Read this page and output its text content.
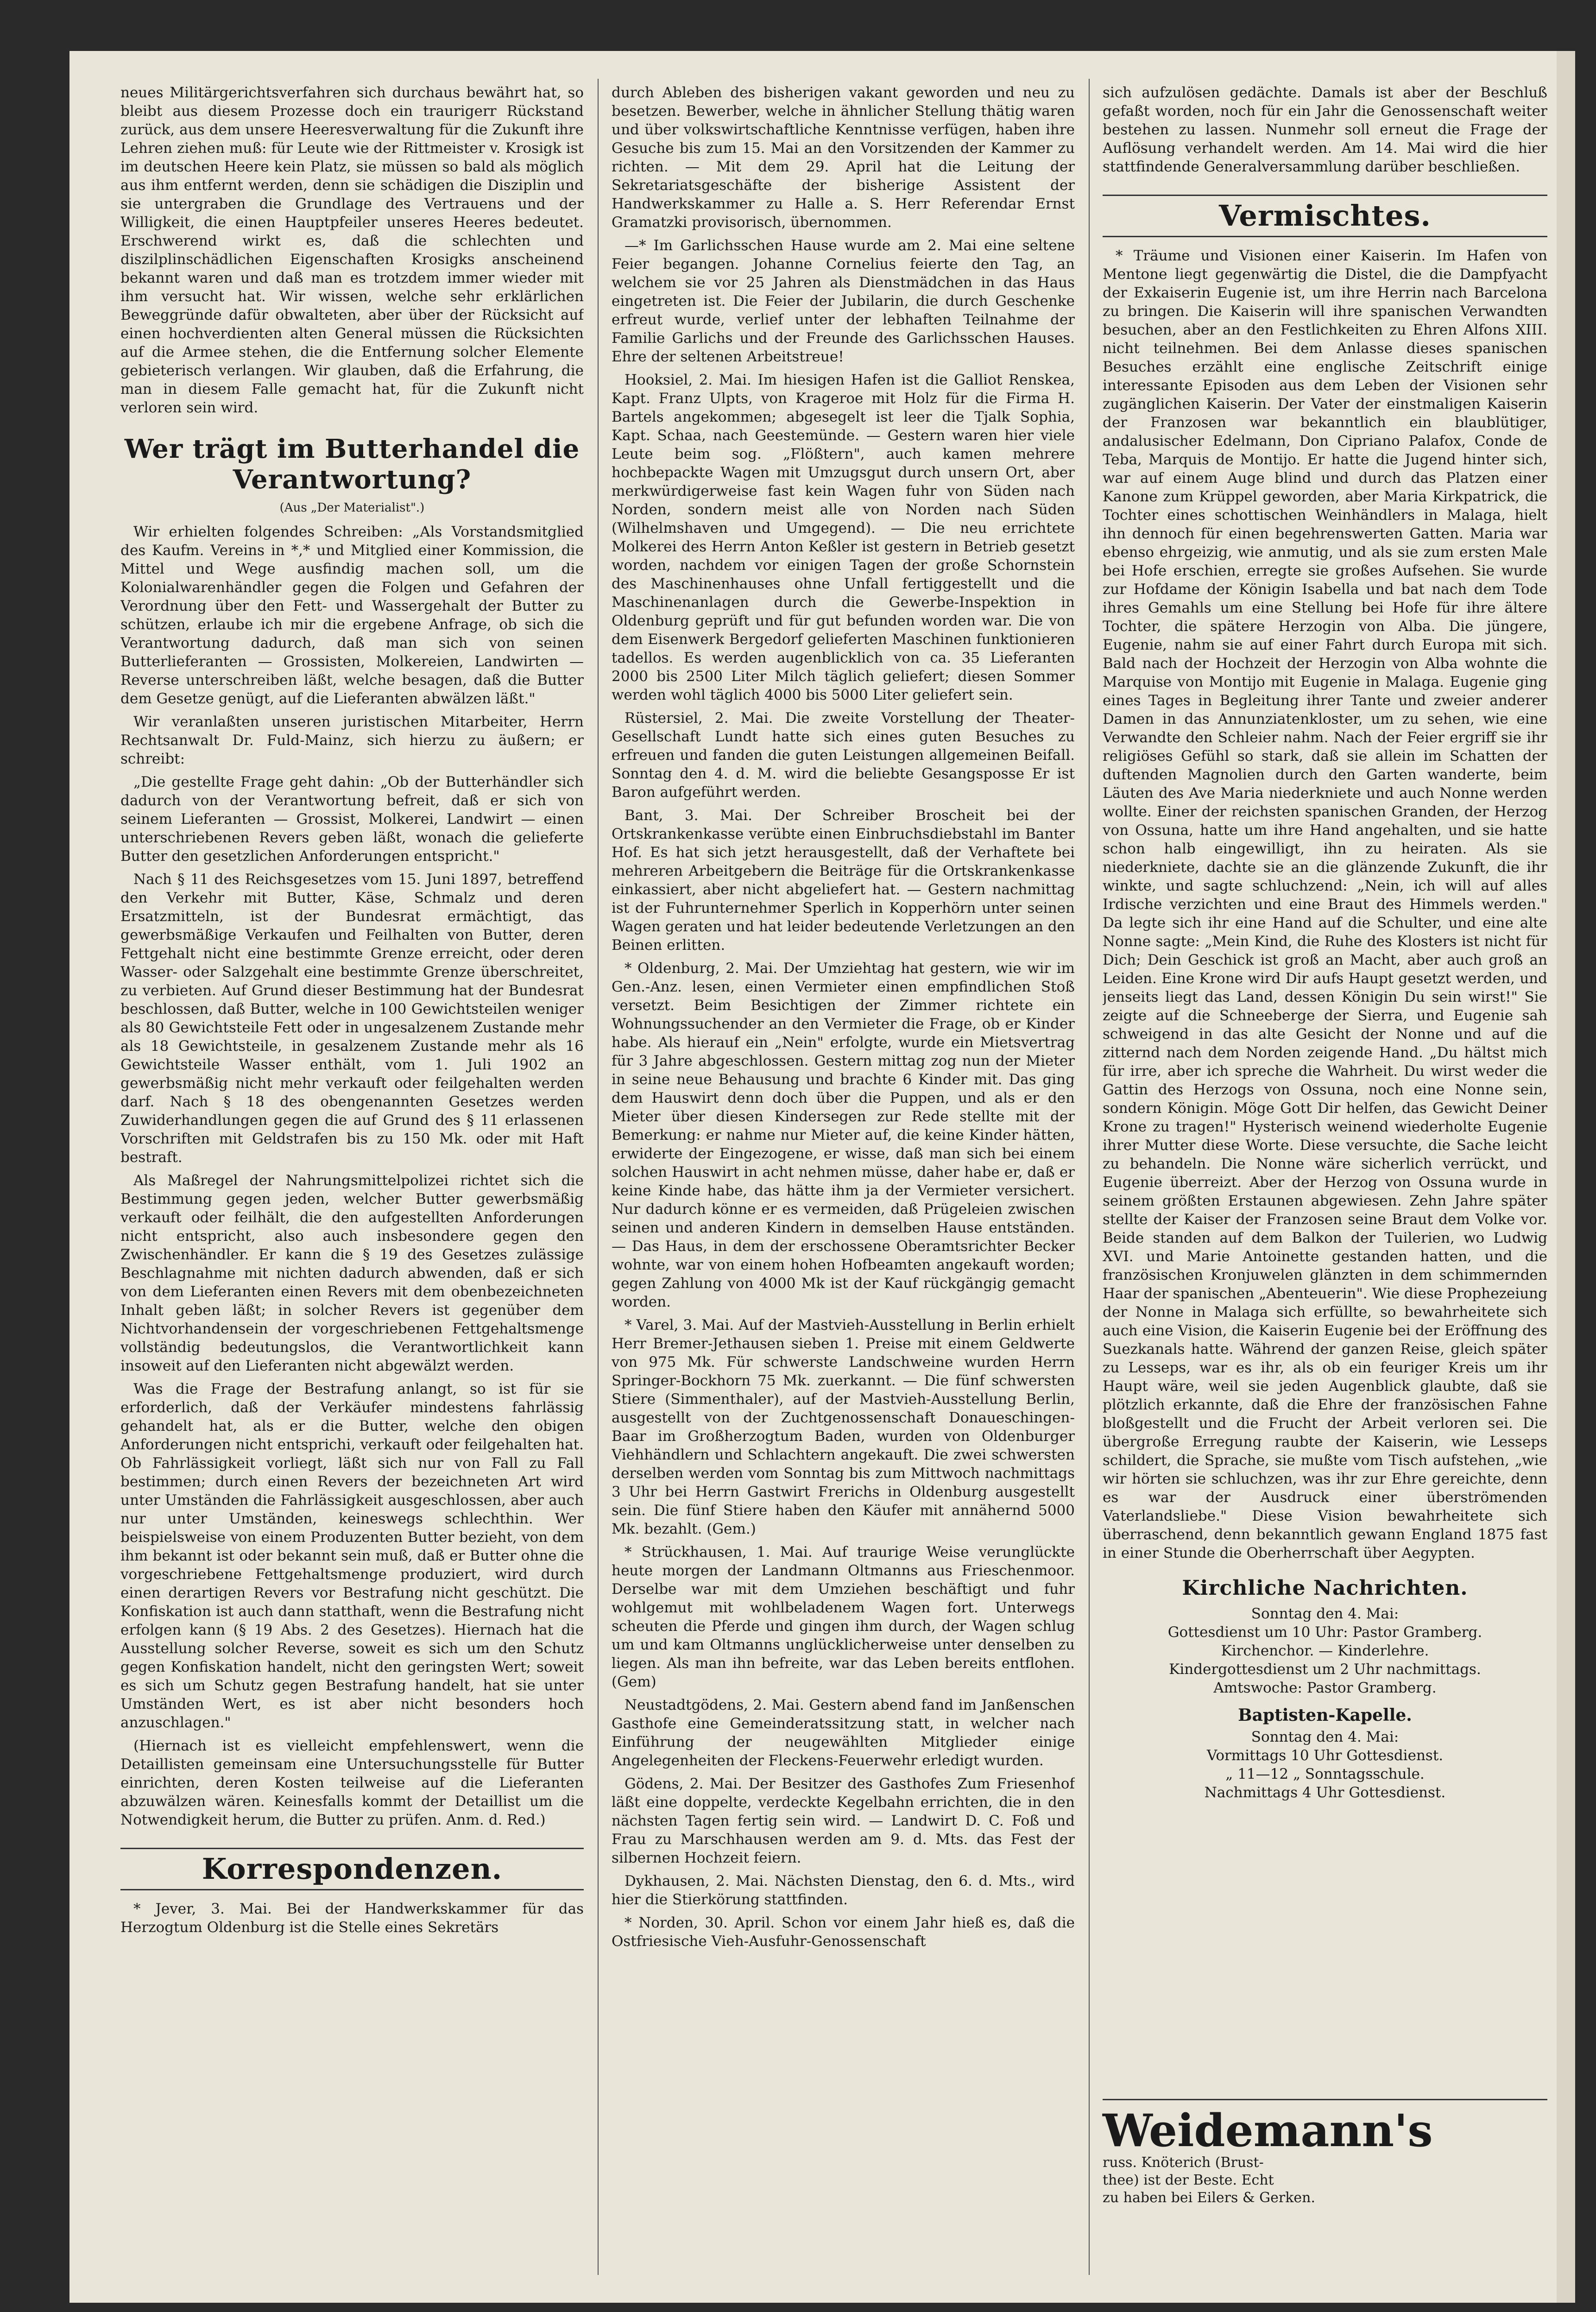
neues Militärgerichtsverfahren sich durchaus bewährt hat, so bleibt aus diesem Prozesse doch ein traurigerr Rückstand zurück, aus dem unsere Heeresverwaltung für die Zukunft ihre Lehren ziehen muß: für Leute wie der Rittmeister v. Krosigk ist im deutschen Heere kein Platz, sie müssen so bald als möglich aus ihm entfernt werden, denn sie schädigen die Disziplin und sie untergraben die Grundlage des Vertrauens und der Willigkeit, die einen Hauptpfeiler unseres Heeres bedeutet. Erschwerend wirkt es, daß die schlechten und diszilplinschädlichen Eigenschaften Krosigks anscheinend bekannt waren und daß man es trotzdem immer wieder mit ihm versucht hat. Wir wissen, welche sehr erklärlichen Beweggründe dafür obwalteten, aber über der Rücksicht auf einen hochverdienten alten General müssen die Rücksichten auf die Armee stehen, die die Entfernung solcher Elemente gebieterisch verlangen. Wir glauben, daß die Erfahrung, die man in diesem Falle gemacht hat, für die Zukunft nicht verloren sein wird.

Wer trägt im Butterhandel die Verantwortung?

(Aus „Der Materialist".)

Wir erhielten folgendes Schreiben: „Als Vorstandsmitglied des Kaufm. Vereins in *,* und Mitglied einer Kommission, die Mittel und Wege ausfindig machen soll, um die Kolonialwarenhändler gegen die Folgen und Gefahren der Verordnung über den Fett- und Wassergehalt der Butter zu schützen, erlaube ich mir die ergebene Anfrage, ob sich die Verantwortung dadurch, daß man sich von seinen Butterlieferanten — Grossisten, Molkereien, Landwirten — Reverse unterschreiben läßt, welche besagen, daß die Butter dem Gesetze genügt, auf die Lieferanten abwälzen läßt."

Wir veranlaßten unseren juristischen Mitarbeiter, Herrn Rechtsanwalt Dr. Fuld-Mainz, sich hierzu zu äußern; er schreibt:

„Die gestellte Frage geht dahin: „Ob der Butterhändler sich dadurch von der Verantwortung befreit, daß er sich von seinem Lieferanten — Grossist, Molkerei, Landwirt — einen unterschriebenen Revers geben läßt, wonach die gelieferte Butter den gesetzlichen Anforderungen entspricht."

Nach § 11 des Reichsgesetzes vom 15. Juni 1897, betreffend den Verkehr mit Butter, Käse, Schmalz und deren Ersatzmitteln, ist der Bundesrat ermächtigt, das gewerbsmäßige Verkaufen und Feilhalten von Butter, deren Fettgehalt nicht eine bestimmte Grenze erreicht, oder deren Wasser- oder Salzgehalt eine bestimmte Grenze überschreitet, zu verbieten. Auf Grund dieser Bestimmung hat der Bundesrat beschlossen, daß Butter, welche in 100 Gewichtsteilen weniger als 80 Gewichtsteile Fett oder in ungesalzenem Zustande mehr als 18 Gewichtsteile, in gesalzenem Zustande mehr als 16 Gewichtsteile Wasser enthält, vom 1. Juli 1902 an gewerbsmäßig nicht mehr verkauft oder feilgehalten werden darf. Nach § 18 des obengenannten Gesetzes werden Zuwiderhandlungen gegen die auf Grund des § 11 erlassenen Vorschriften mit Geldstrafen bis zu 150 Mk. oder mit Haft bestraft.

Als Maßregel der Nahrungsmittelpolizei richtet sich die Bestimmung gegen jeden, welcher Butter gewerbsmäßig verkauft oder feilhält, die den aufgestellten Anforderungen nicht entspricht, also auch insbesondere gegen den Zwischenhändler. Er kann die § 19 des Gesetzes zulässige Beschlagnahme mit nichten dadurch abwenden, daß er sich von dem Lieferanten einen Revers mit dem obenbezeichneten Inhalt geben läßt; in solcher Revers ist gegenüber dem Nichtvorhandensein der vorgeschriebenen Fettgehaltsmenge vollständig bedeutungslos, die Verantwortlichkeit kann insoweit auf den Lieferanten nicht abgewälzt werden.

Was die Frage der Bestrafung anlangt, so ist für sie erforderlich, daß der Verkäufer mindestens fahrlässig gehandelt hat, als er die Butter, welche den obigen Anforderungen nicht entsprichi, verkauft oder feilgehalten hat. Ob Fahrlässigkeit vorliegt, läßt sich nur von Fall zu Fall bestimmen; durch einen Revers der bezeichneten Art wird unter Umständen die Fahrlässigkeit ausgeschlossen, aber auch nur unter Umständen, keineswegs schlechthin. Wer beispielsweise von einem Produzenten Butter bezieht, von dem ihm bekannt ist oder bekannt sein muß, daß er Butter ohne die vorgeschriebene Fettgehaltsmenge produziert, wird durch einen derartigen Revers vor Bestrafung nicht geschützt. Die Konfiskation ist auch dann statthaft, wenn die Bestrafung nicht erfolgen kann (§ 19 Abs. 2 des Gesetzes). Hiernach hat die Ausstellung solcher Reverse, soweit es sich um den Schutz gegen Konfiskation handelt, nicht den geringsten Wert; soweit es sich um Schutz gegen Bestrafung handelt, hat sie unter Umständen Wert, es ist aber nicht besonders hoch anzuschlagen."

(Hiernach ist es vielleicht empfehlenswert, wenn die Detaillisten gemeinsam eine Untersuchungsstelle für Butter einrichten, deren Kosten teilweise auf die Lieferanten abzuwälzen wären. Keinesfalls kommt der Detaillist um die Notwendigkeit herum, die Butter zu prüfen. Anm. d. Red.)

Korrespondenzen.

* Jever, 3. Mai. Bei der Handwerkskammer für das Herzogtum Oldenburg ist die Stelle eines Sekretärs

durch Ableben des bisherigen vakant geworden und neu zu besetzen. Bewerber, welche in ähnlicher Stellung thätig waren und über volkswirtschaftliche Kenntnisse verfügen, haben ihre Gesuche bis zum 15. Mai an den Vorsitzenden der Kammer zu richten. — Mit dem 29. April hat die Leitung der Sekretariatsgeschäfte der bisherige Assistent der Handwerkskammer zu Halle a. S. Herr Referendar Ernst Gramatzki provisorisch, übernommen.

—* Im Garlichsschen Hause wurde am 2. Mai eine seltene Feier begangen. Johanne Cornelius feierte den Tag, an welchem sie vor 25 Jahren als Dienstmädchen in das Haus eingetreten ist. Die Feier der Jubilarin, die durch Geschenke erfreut wurde, verlief unter der lebhaften Teilnahme der Familie Garlichs und der Freunde des Garlichsschen Hauses. Ehre der seltenen Arbeitstreue!

Hooksiel, 2. Mai. Im hiesigen Hafen ist die Galliot Renskea, Kapt. Franz Ulpts, von Krageroe mit Holz für die Firma H. Bartels angekommen; abgesegelt ist leer die Tjalk Sophia, Kapt. Schaa, nach Geestemünde. — Gestern waren hier viele Leute beim sog. „Flößtern", auch kamen mehrere hochbepackte Wagen mit Umzugsgut durch unsern Ort, aber merkwürdigerweise fast kein Wagen fuhr von Süden nach Norden, sondern meist alle von Norden nach Süden (Wilhelmshaven und Umgegend). — Die neu errichtete Molkerei des Herrn Anton Keßler ist gestern in Betrieb gesetzt worden, nachdem vor einigen Tagen der große Schornstein des Maschinenhauses ohne Unfall fertiggestellt und die Maschinenanlagen durch die Gewerbe-Inspektion in Oldenburg geprüft und für gut befunden worden war. Die von dem Eisenwerk Bergedorf gelieferten Maschinen funktionieren tadellos. Es werden augenblicklich von ca. 35 Lieferanten 2000 bis 2500 Liter Milch täglich geliefert; diesen Sommer werden wohl täglich 4000 bis 5000 Liter geliefert sein.

Rüstersiel, 2. Mai. Die zweite Vorstellung der Theater-Gesellschaft Lundt hatte sich eines guten Besuches zu erfreuen und fanden die guten Leistungen allgemeinen Beifall. Sonntag den 4. d. M. wird die beliebte Gesangsposse Er ist Baron aufgeführt werden.

Bant, 3. Mai. Der Schreiber Broscheit bei der Ortskrankenkasse verübte einen Einbruchsdiebstahl im Banter Hof. Es hat sich jetzt herausgestellt, daß der Verhaftete bei mehreren Arbeitgebern die Beiträge für die Ortskrankenkasse einkassiert, aber nicht abgeliefert hat. — Gestern nachmittag ist der Fuhrunternehmer Sperlich in Kopperhörn unter seinen Wagen geraten und hat leider bedeutende Verletzungen an den Beinen erlitten.

* Oldenburg, 2. Mai. Der Umziehtag hat gestern, wie wir im Gen.-Anz. lesen, einen Vermieter einen empfindlichen Stoß versetzt. Beim Besichtigen der Zimmer richtete ein Wohnungssuchender an den Vermieter die Frage, ob er Kinder habe. Als hierauf ein „Nein" erfolgte, wurde ein Mietsvertrag für 3 Jahre abgeschlossen. Gestern mittag zog nun der Mieter in seine neue Behausung und brachte 6 Kinder mit. Das ging dem Hauswirt denn doch über die Puppen, und als er den Mieter über diesen Kindersegen zur Rede stellte mit der Bemerkung: er nahme nur Mieter auf, die keine Kinder hätten, erwiderte der Eingezogene, er wisse, daß man sich bei einem solchen Hauswirt in acht nehmen müsse, daher habe er, daß er keine Kinde habe, das hätte ihm ja der Vermieter versichert. Nur dadurch könne er es vermeiden, daß Prügeleien zwischen seinen und anderen Kindern in demselben Hause entständen. — Das Haus, in dem der erschossene Oberamtsrichter Becker wohnte, war von einem hohen Hofbeamten angekauft worden; gegen Zahlung von 4000 Mk ist der Kauf rückgängig gemacht worden.

* Varel, 3. Mai. Auf der Mastvieh-Ausstellung in Berlin erhielt Herr Bremer-Jethausen sieben 1. Preise mit einem Geldwerte von 975 Mk. Für schwerste Landschweine wurden Herrn Springer-Bockhorn 75 Mk. zuerkannt. — Die fünf schwersten Stiere (Simmenthaler), auf der Mastvieh-Ausstellung Berlin, ausgestellt von der Zuchtgenossenschaft Donaueschingen-Baar im Großherzogtum Baden, wurden von Oldenburger Viehhändlern und Schlachtern angekauft. Die zwei schwersten derselben werden vom Sonntag bis zum Mittwoch nachmittags 3 Uhr bei Herrn Gastwirt Frerichs in Oldenburg ausgestellt sein. Die fünf Stiere haben den Käufer mit annähernd 5000 Mk. bezahlt. (Gem.)

* Strückhausen, 1. Mai. Auf traurige Weise verunglückte heute morgen der Landmann Oltmanns aus Frieschenmoor. Derselbe war mit dem Umziehen beschäftigt und fuhr wohlgemut mit wohlbeladenem Wagen fort. Unterwegs scheuten die Pferde und gingen ihm durch, der Wagen schlug um und kam Oltmanns unglücklicherweise unter denselben zu liegen. Als man ihn befreite, war das Leben bereits entflohen. (Gem)

Neustadtgödens, 2. Mai. Gestern abend fand im Janßenschen Gasthofe eine Gemeinderatssitzung statt, in welcher nach Einführung der neugewählten Mitglieder einige Angelegenheiten der Fleckens-Feuerwehr erledigt wurden.

Gödens, 2. Mai. Der Besitzer des Gasthofes Zum Friesenhof läßt eine doppelte, verdeckte Kegelbahn errichten, die in den nächsten Tagen fertig sein wird. — Landwirt D. C. Foß und Frau zu Marschhausen werden am 9. d. Mts. das Fest der silbernen Hochzeit feiern.

Dykhausen, 2. Mai. Nächsten Dienstag, den 6. d. Mts., wird hier die Stierkörung stattfinden.

* Norden, 30. April. Schon vor einem Jahr hieß es, daß die Ostfriesische Vieh-Ausfuhr-Genossenschaft

sich aufzulösen gedächte. Damals ist aber der Beschluß gefaßt worden, noch für ein Jahr die Genossenschaft weiter bestehen zu lassen. Nunmehr soll erneut die Frage der Auflösung verhandelt werden. Am 14. Mai wird die hier stattfindende Generalversammlung darüber beschließen.

Vermischtes.

* Träume und Visionen einer Kaiserin. Im Hafen von Mentone liegt gegenwärtig die Distel, die die Dampfyacht der Exkaiserin Eugenie ist, um ihre Herrin nach Barcelona zu bringen. Die Kaiserin will ihre spanischen Verwandten besuchen, aber an den Festlichkeiten zu Ehren Alfons XIII. nicht teilnehmen. Bei dem Anlasse dieses spanischen Besuches erzählt eine englische Zeitschrift einige interessante Episoden aus dem Leben der Visionen sehr zugänglichen Kaiserin. Der Vater der einstmaligen Kaiserin der Franzosen war bekanntlich ein blaublütiger, andalusischer Edelmann, Don Cipriano Palafox, Conde de Teba, Marquis de Montijo. Er hatte die Jugend hinter sich, war auf einem Auge blind und durch das Platzen einer Kanone zum Krüppel geworden, aber Maria Kirkpatrick, die Tochter eines schottischen Weinhändlers in Malaga, hielt ihn dennoch für einen begehrenswerten Gatten. Maria war ebenso ehrgeizig, wie anmutig, und als sie zum ersten Male bei Hofe erschien, erregte sie großes Aufsehen. Sie wurde zur Hofdame der Königin Isabella und bat nach dem Tode ihres Gemahls um eine Stellung bei Hofe für ihre ältere Tochter, die spätere Herzogin von Alba. Die jüngere, Eugenie, nahm sie auf einer Fahrt durch Europa mit sich. Bald nach der Hochzeit der Herzogin von Alba wohnte die Marquise von Montijo mit Eugenie in Malaga. Eugenie ging eines Tages in Begleitung ihrer Tante und zweier anderer Damen in das Annunziatenkloster, um zu sehen, wie eine Verwandte den Schleier nahm. Nach der Feier ergriff sie ihr religiöses Gefühl so stark, daß sie allein im Schatten der duftenden Magnolien durch den Garten wanderte, beim Läuten des Ave Maria niederkniete und auch Nonne werden wollte. Einer der reichsten spanischen Granden, der Herzog von Ossuna, hatte um ihre Hand angehalten, und sie hatte schon halb eingewilligt, ihn zu heiraten. Als sie niederkniete, dachte sie an die glänzende Zukunft, die ihr winkte, und sagte schluchzend: „Nein, ich will auf alles Irdische verzichten und eine Braut des Himmels werden." Da legte sich ihr eine Hand auf die Schulter, und eine alte Nonne sagte: „Mein Kind, die Ruhe des Klosters ist nicht für Dich; Dein Geschick ist groß an Macht, aber auch groß an Leiden. Eine Krone wird Dir aufs Haupt gesetzt werden, und jenseits liegt das Land, dessen Königin Du sein wirst!" Sie zeigte auf die Schneeberge der Sierra, und Eugenie sah schweigend in das alte Gesicht der Nonne und auf die zitternd nach dem Norden zeigende Hand. „Du hältst mich für irre, aber ich spreche die Wahrheit. Du wirst weder die Gattin des Herzogs von Ossuna, noch eine Nonne sein, sondern Königin. Möge Gott Dir helfen, das Gewicht Deiner Krone zu tragen!" Hysterisch weinend wiederholte Eugenie ihrer Mutter diese Worte. Diese versuchte, die Sache leicht zu behandeln. Die Nonne wäre sicherlich verrückt, und Eugenie überreizt. Aber der Herzog von Ossuna wurde in seinem größten Erstaunen abgewiesen. Zehn Jahre später stellte der Kaiser der Franzosen seine Braut dem Volke vor. Beide standen auf dem Balkon der Tuilerien, wo Ludwig XVI. und Marie Antoinette gestanden hatten, und die französischen Kronjuwelen glänzten in dem schimmernden Haar der spanischen „Abenteuerin". Wie diese Prophezeiung der Nonne in Malaga sich erfüllte, so bewahrheitete sich auch eine Vision, die Kaiserin Eugenie bei der Eröffnung des Suezkanals hatte. Während der ganzen Reise, gleich später zu Lesseps, war es ihr, als ob ein feuriger Kreis um ihr Haupt wäre, weil sie jeden Augenblick glaubte, daß sie plötzlich erkannte, daß die Ehre der französischen Fahne bloßgestellt und die Frucht der Arbeit verloren sei. Die übergroße Erregung raubte der Kaiserin, wie Lesseps schildert, die Sprache, sie mußte vom Tisch aufstehen, „wie wir hörten sie schluchzen, was ihr zur Ehre gereichte, denn es war der Ausdruck einer überströmenden Vaterlandsliebe." Diese Vision bewahrheitete sich überraschend, denn bekanntlich gewann England 1875 fast in einer Stunde die Oberherrschaft über Aegypten.

Kirchliche Nachrichten.
Sonntag den 4. Mai:
Gottesdienst um 10 Uhr: Pastor Gramberg.
Kirchenchor. — Kinderlehre.
Kindergottesdienst um 2 Uhr nachmittags.
Amtswoche: Pastor Gramberg.
Baptisten-Kapelle.
Sonntag den 4. Mai:
Vormittags 10 Uhr Gottesdienst.
„ 11—12 „ Sonntagsschule.
Nachmittags 4 Uhr Gottesdienst.
Weidemann's
russ. Knöterich (Brust-
thee) ist der Beste. Echt
zu haben bei Eilers & Gerken.
